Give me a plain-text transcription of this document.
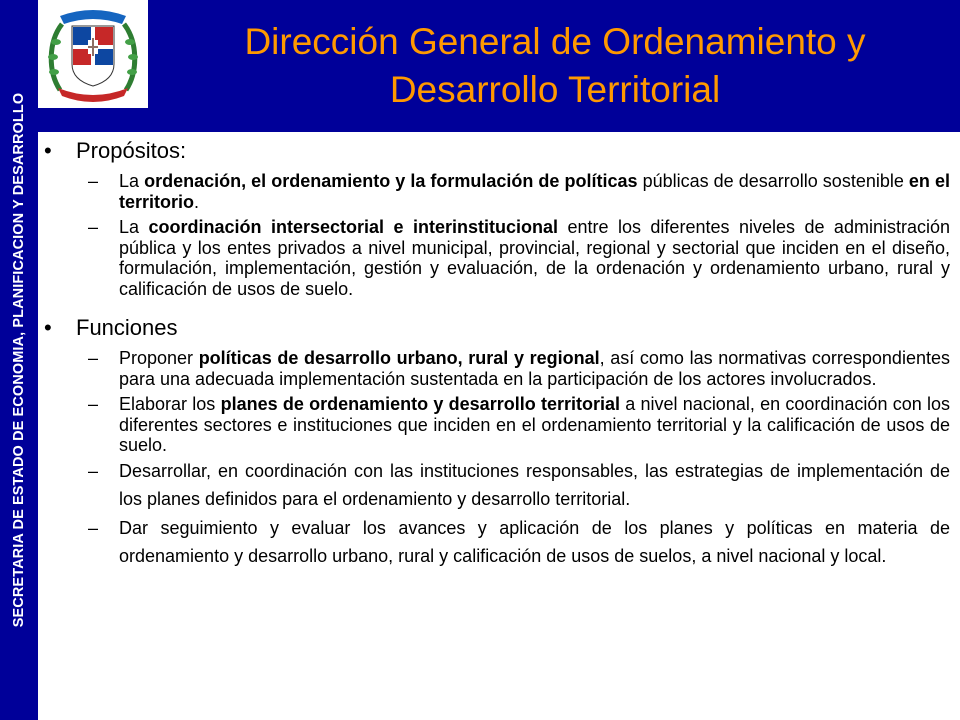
SECRETARIA DE ESTADO DE ECONOMIA, PLANIFICACION Y DESARROLLO
Dirección General de Ordenamiento y
Desarrollo Territorial
• Propósitos:
– La ordenación, el ordenamiento y la formulación de políticas públicas de desarrollo sostenible en el territorio.
– La coordinación intersectorial e interinstitucional entre los diferentes niveles de administración pública y los entes privados a nivel municipal, provincial, regional y sectorial que inciden en el diseño, formulación, implementación, gestión y evaluación, de la ordenación y ordenamiento urbano, rural y calificación de usos de suelo.
• Funciones
– Proponer políticas de desarrollo urbano, rural y regional, así como las normativas correspondientes para una adecuada implementación sustentada en la participación de los actores involucrados.
– Elaborar los planes de ordenamiento y desarrollo territorial a nivel nacional, en coordinación con los diferentes sectores e instituciones que inciden en el ordenamiento territorial y la calificación de usos de suelo.
– Desarrollar, en coordinación con las instituciones responsables, las estrategias de implementación de los planes definidos para el ordenamiento y desarrollo territorial.
– Dar seguimiento y evaluar los avances y aplicación de los planes y políticas en materia de ordenamiento y desarrollo urbano, rural y calificación de usos de suelos, a nivel nacional y local.
